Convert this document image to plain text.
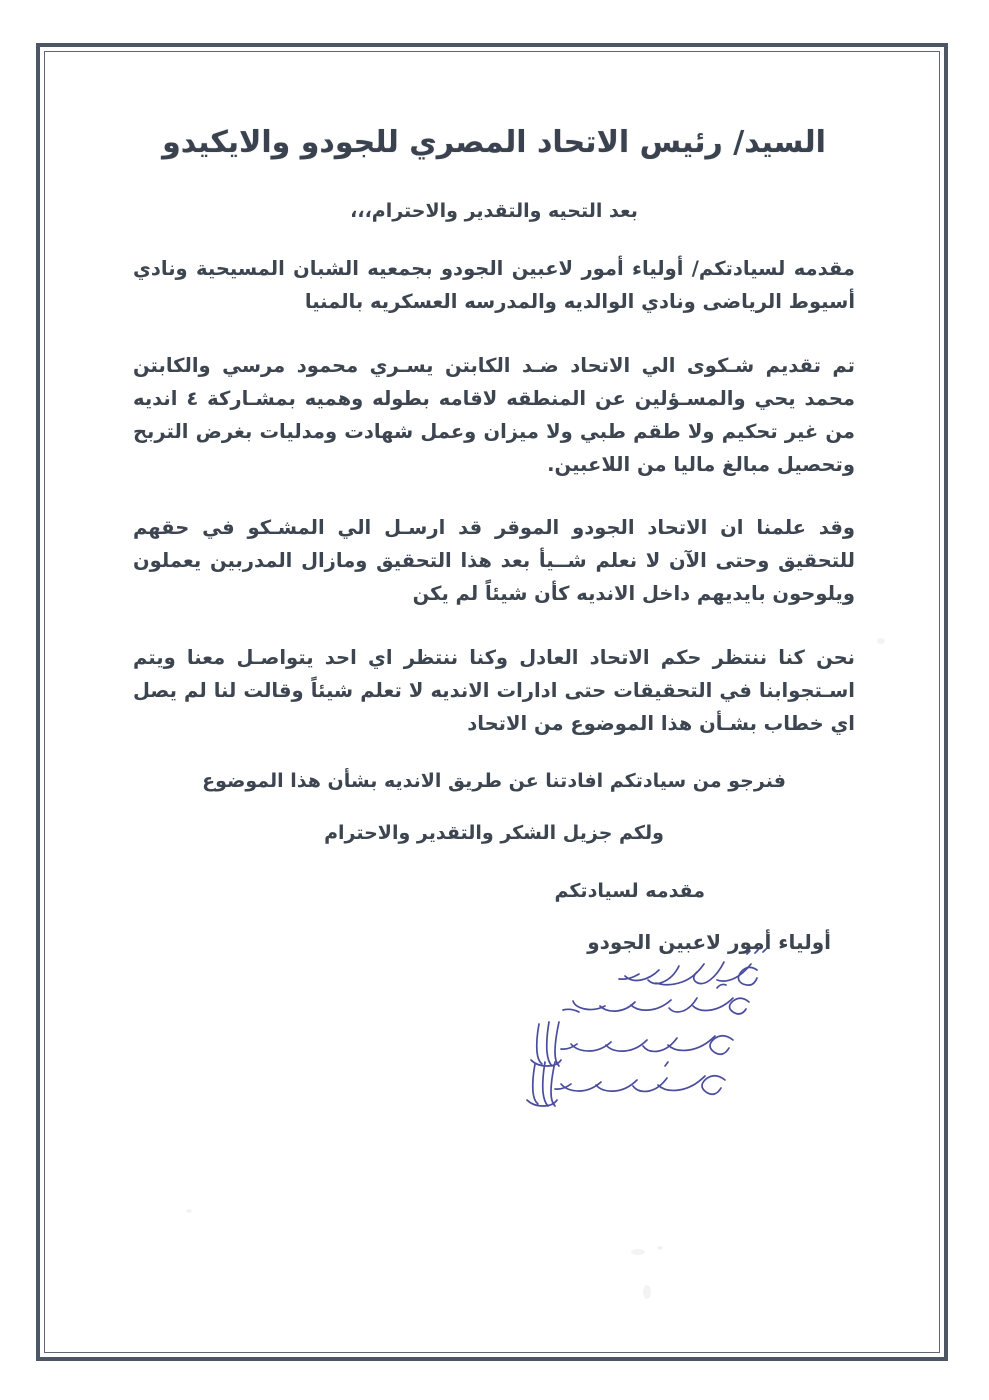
السيد/ رئيس الاتحاد المصري للجودو والايكيدو

بعد التحيه والتقدير والاحترام،،،

مقدمه لسيادتكم/ أولياء أمور لاعبين الجودو بجمعيه الشبان المسيحية ونادي أسيوط الرياضى ونادي الوالديه والمدرسه العسكريه بالمنيا

تم تقديم شـكوى الي الاتحاد ضـد الكابتن يسـري محمود مرسي والكابتن محمد يحي والمسـؤلين عن المنطقه لاقامه بطوله وهميه بمشـاركة ٤ انديه من غير تحكيم ولا طقم طبي ولا ميزان وعمل شهادت ومدليات بغرض التربح وتحصيل مبالغ ماليا من اللاعبين.

وقد علمنا ان الاتحاد الجودو الموقر قد ارسـل الي المشـكو في حقهم للتحقيق وحتى الآن لا نعلم شــيأ بعد هذا التحقيق ومازال المدربين يعملون ويلوحون بايديهم داخل الانديه كأن شيئاً لم يكن

نحن كنا ننتظر حكم الاتحاد العادل وكنا ننتظر اي احد يتواصـل معنا ويتم اسـتجوابنا في التحقيقات حتى ادارات الانديه لا تعلم شيئاً وقالت لنا لم يصل اي خطاب بشـأن هذا الموضوع من الاتحاد

فنرجو من سيادتكم افادتنا عن طريق الانديه بشأن هذا الموضوع

ولكم جزيل الشكر والتقدير والاحترام

مقدمه لسيادتكم

أولياء أمور لاعبين الجودو
